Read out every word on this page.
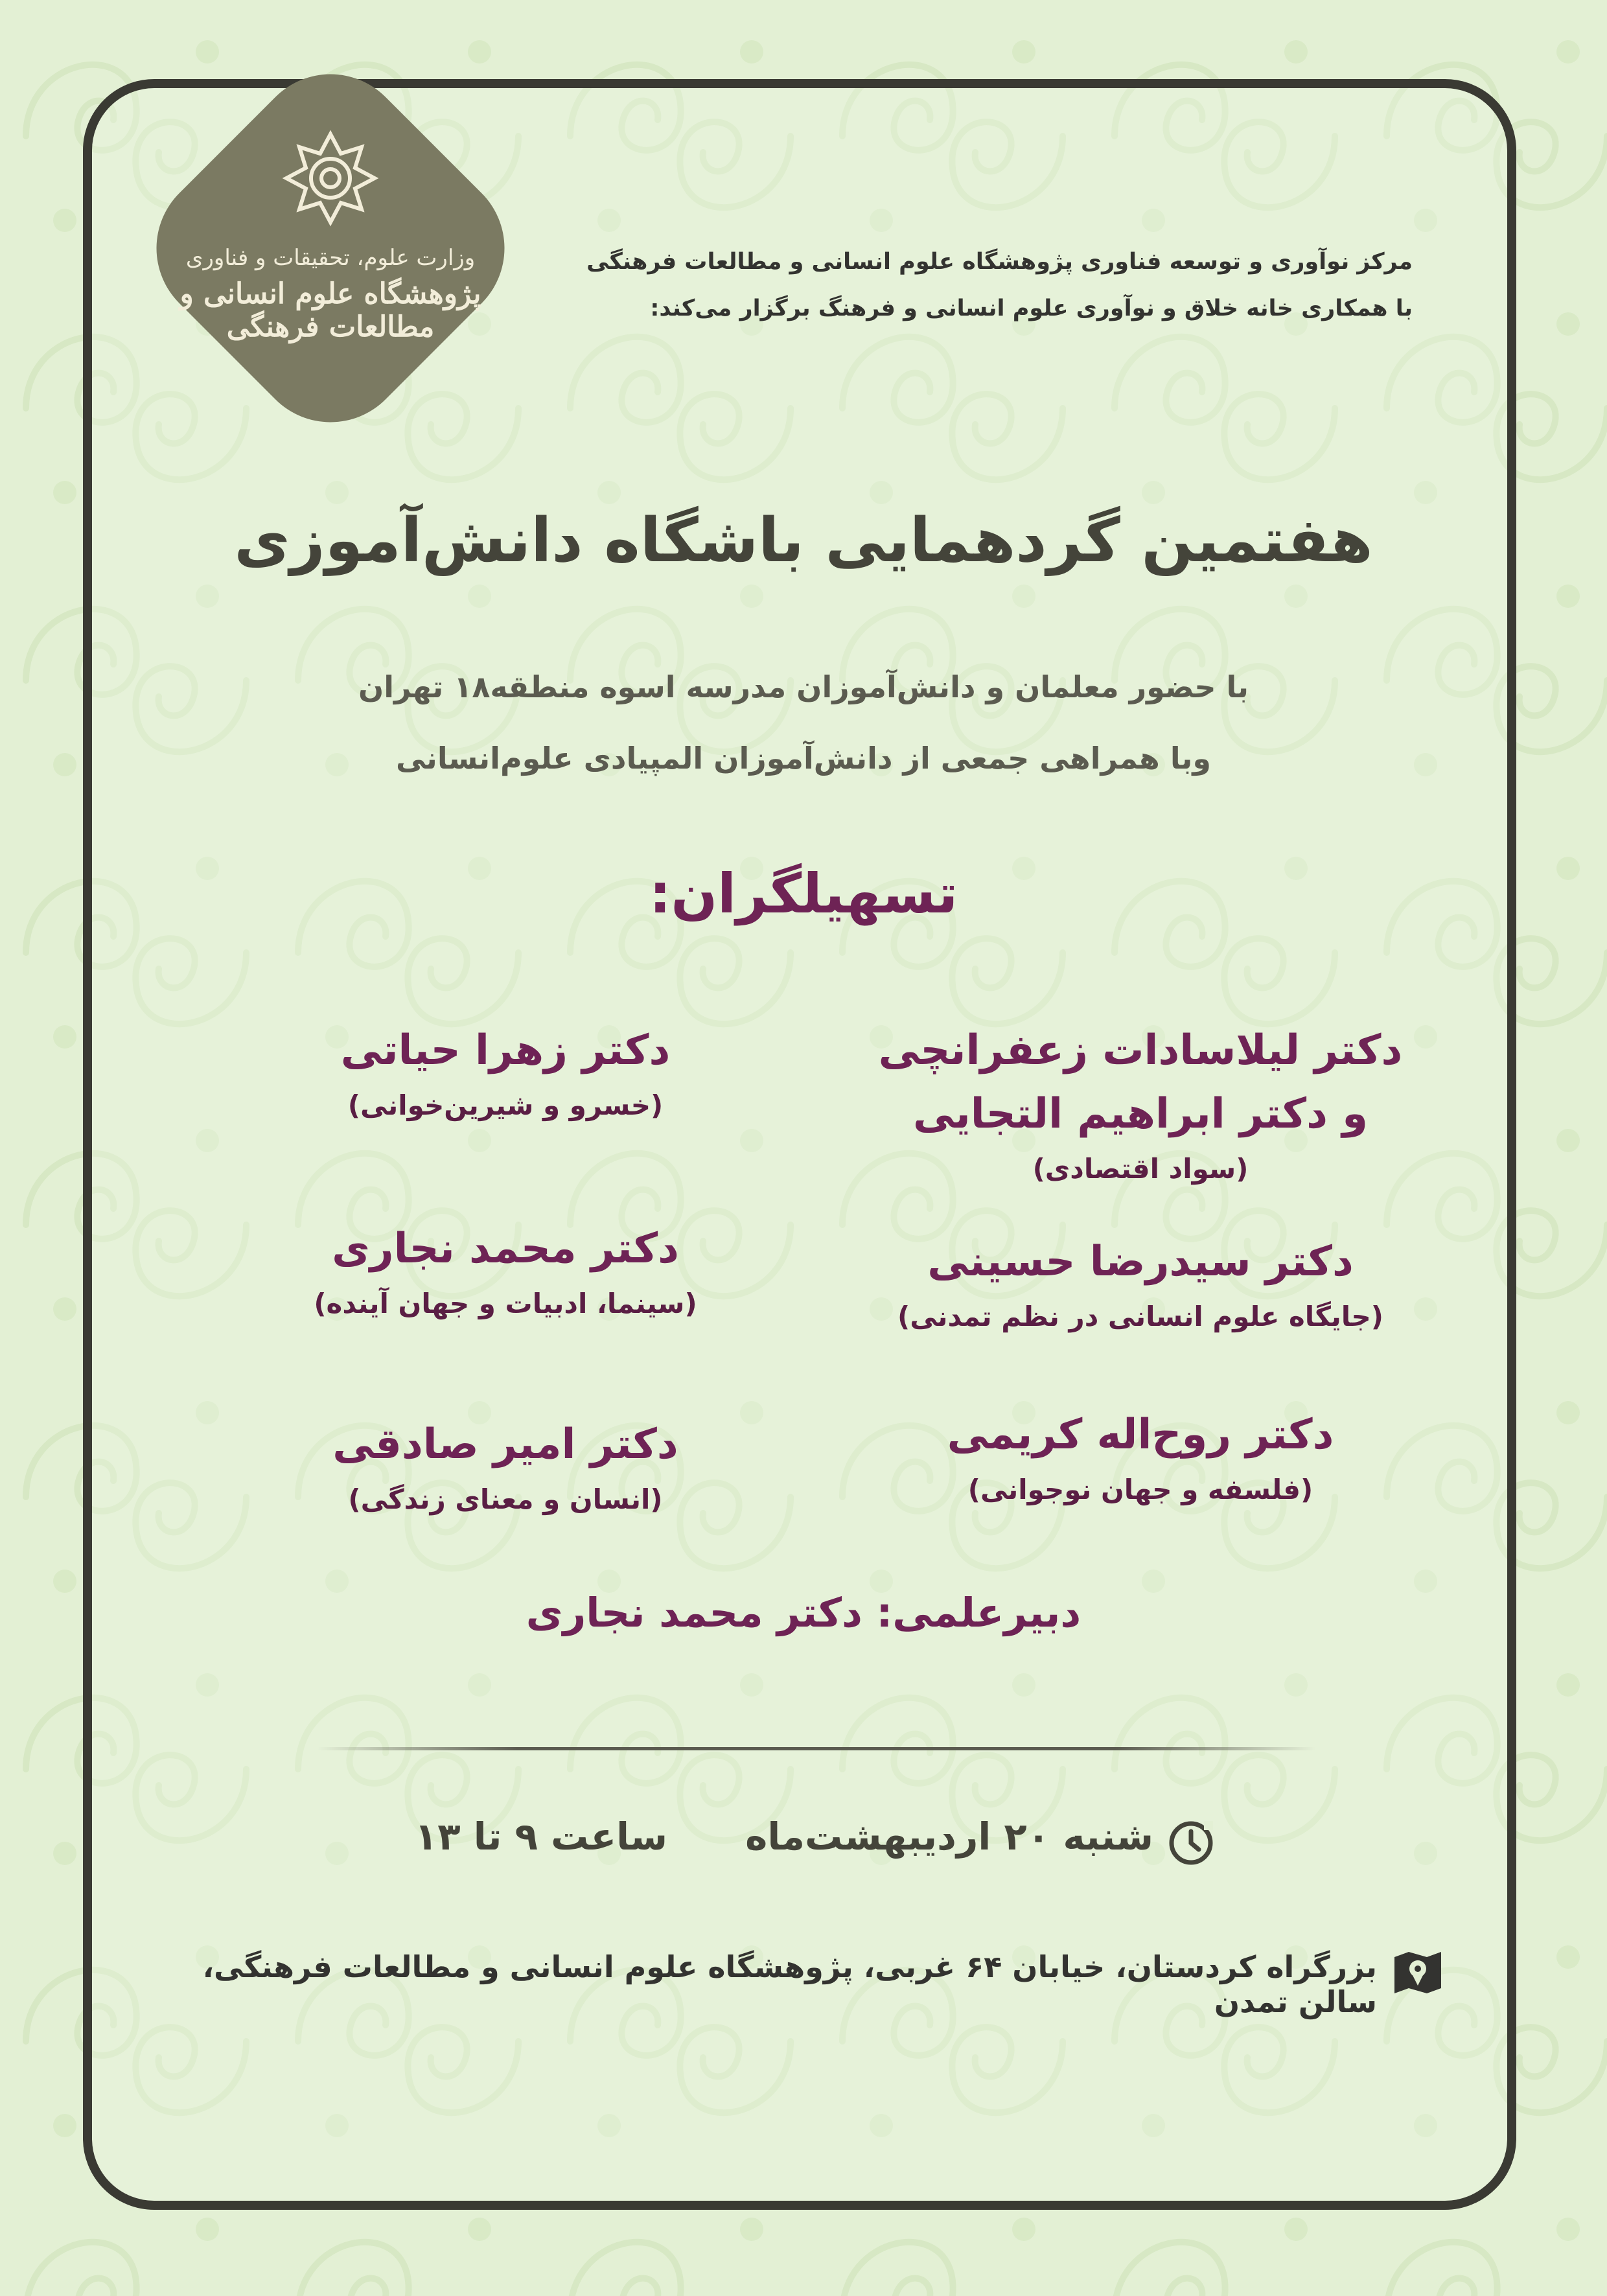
وزارت علوم، تحقیقات و فناوری
پژوهشگاه علوم انسانی و مطالعات فرهنگی
مرکز نوآوری و توسعه فناوری پژوهشگاه علوم انسانی و مطالعات فرهنگی
با همکاری خانه خلاق و نوآوری علوم انسانی و فرهنگ برگزار می‌کند:
هفتمین گردهمایی باشگاه دانش‌آموزی
با حضور معلمان و دانش‌آموزان مدرسه اسوه منطقه۱۸ تهران
وبا همراهی جمعی از دانش‌آموزان المپیادی علوم‌انسانی
تسهیلگران:
دکتر لیلاسادات زعفرانچی
و دکتر ابراهیم التجایی
(سواد اقتصادی)
دکتر زهرا حیاتی
(خسرو و شیرین‌خوانی)
دکتر سیدرضا حسینی
(جایگاه علوم انسانی در نظم تمدنی)
دکتر محمد نجاری
(سینما، ادبیات و جهان آینده)
دکتر روح‌اله کریمی
(فلسفه و جهان نوجوانی)
دکتر امیر صادقی
(انسان و معنای زندگی)
دبیرعلمی: دکتر محمد نجاری
شنبه ۲۰ اردیبهشت‌ماه
ساعت ۹ تا ۱۳
بزرگراه کردستان، خیابان ۶۴ غربی، پژوهشگاه علوم انسانی و مطالعات فرهنگی، سالن تمدن
